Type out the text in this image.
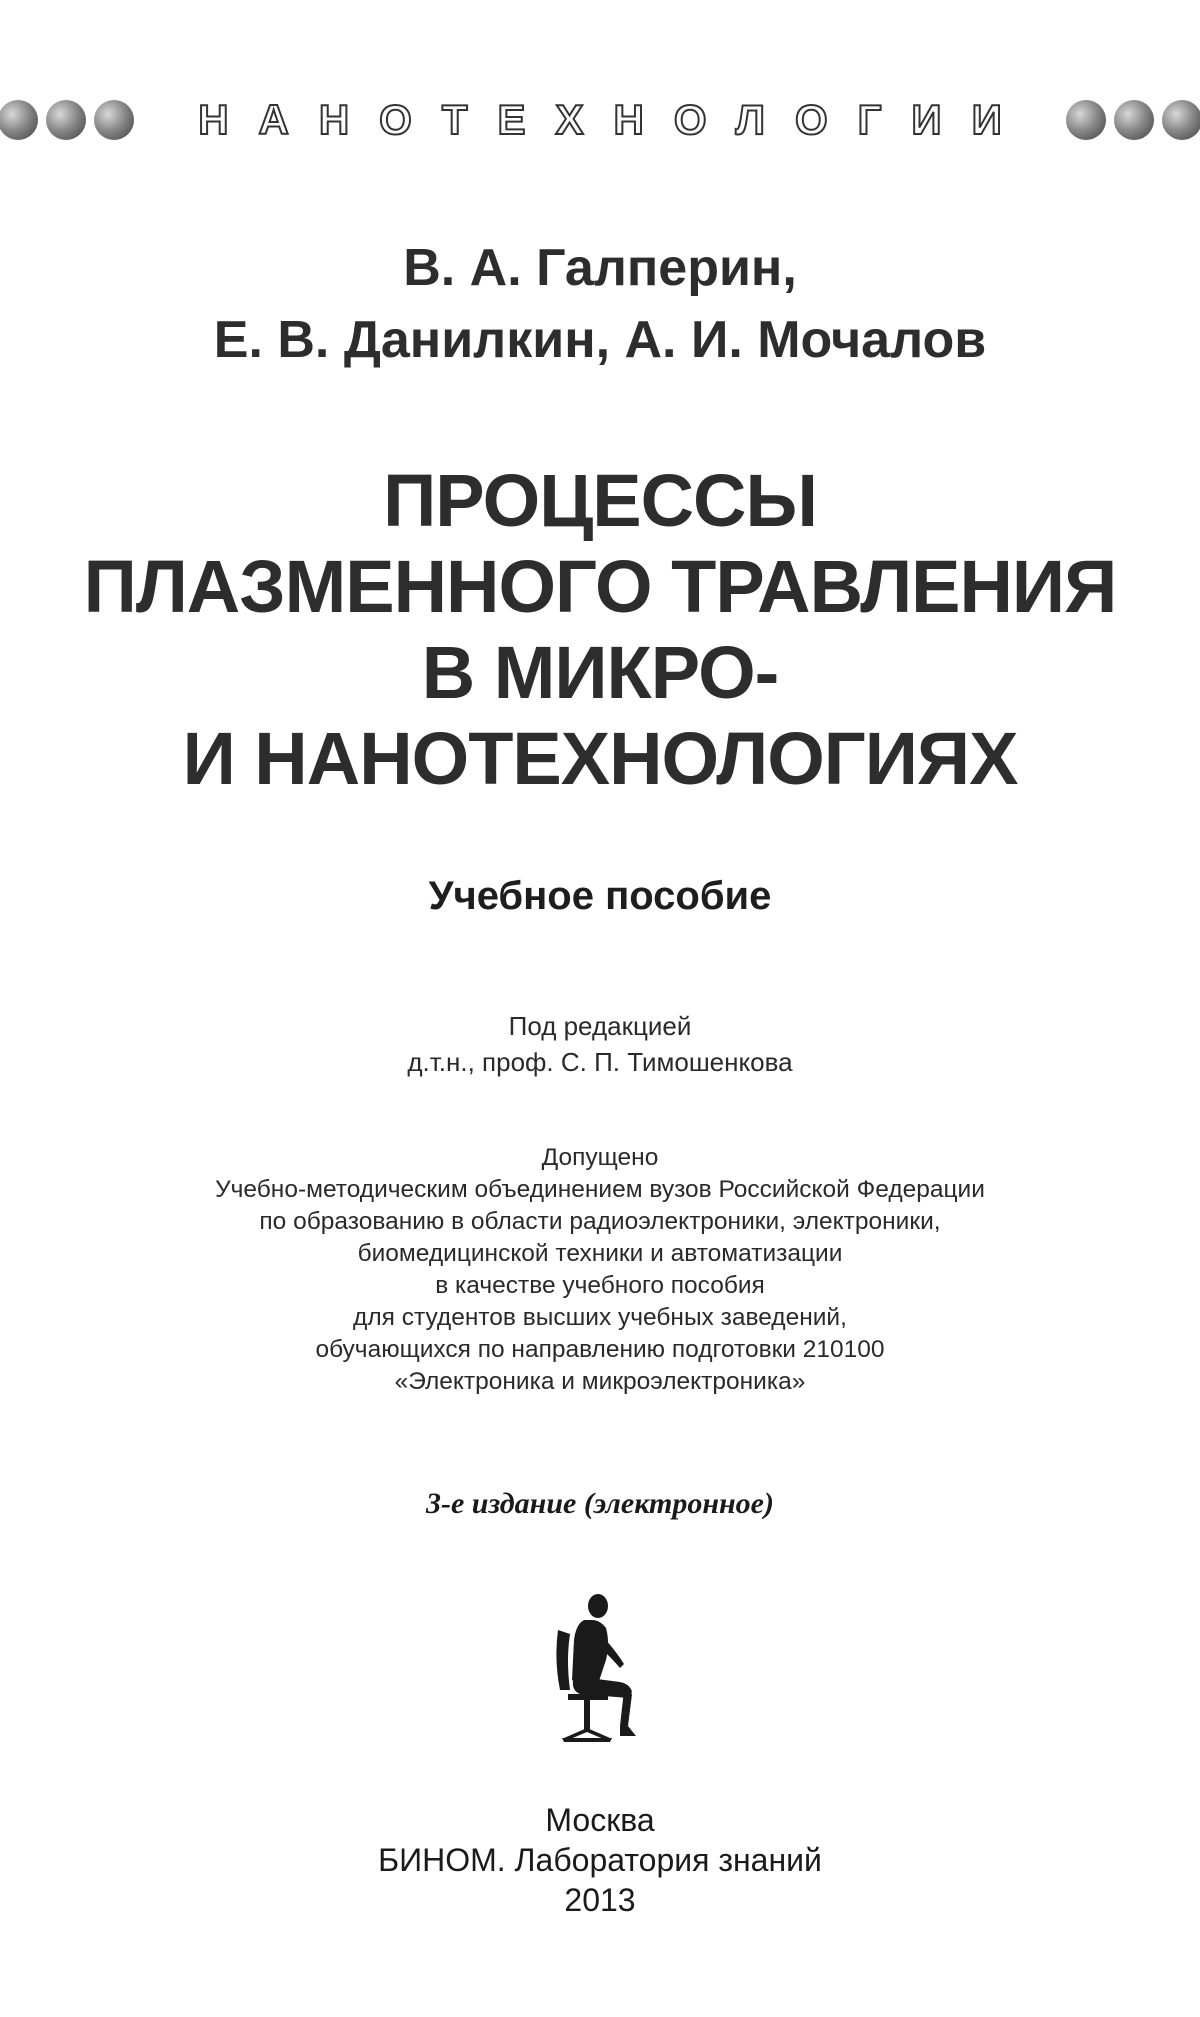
НАНОТЕХНОЛОГИИ
В. А. Галперин,
Е. В. Данилкин, А. И. Мочалов
ПРОЦЕССЫ
ПЛАЗМЕННОГО ТРАВЛЕНИЯ
В МИКРО-
И НАНОТЕХНОЛОГИЯХ
Учебное пособие
Под редакцией
д.т.н., проф. С. П. Тимошенкова
Допущено
Учебно-методическим объединением вузов Российской Федерации
по образованию в области радиоэлектроники, электроники,
биомедицинской техники и автоматизации
в качестве учебного пособия
для студентов высших учебных заведений,
обучающихся по направлению подготовки 210100
«Электроника и микроэлектроника»
3-е издание (электронное)
Москва
БИНОМ. Лаборатория знаний
2013
